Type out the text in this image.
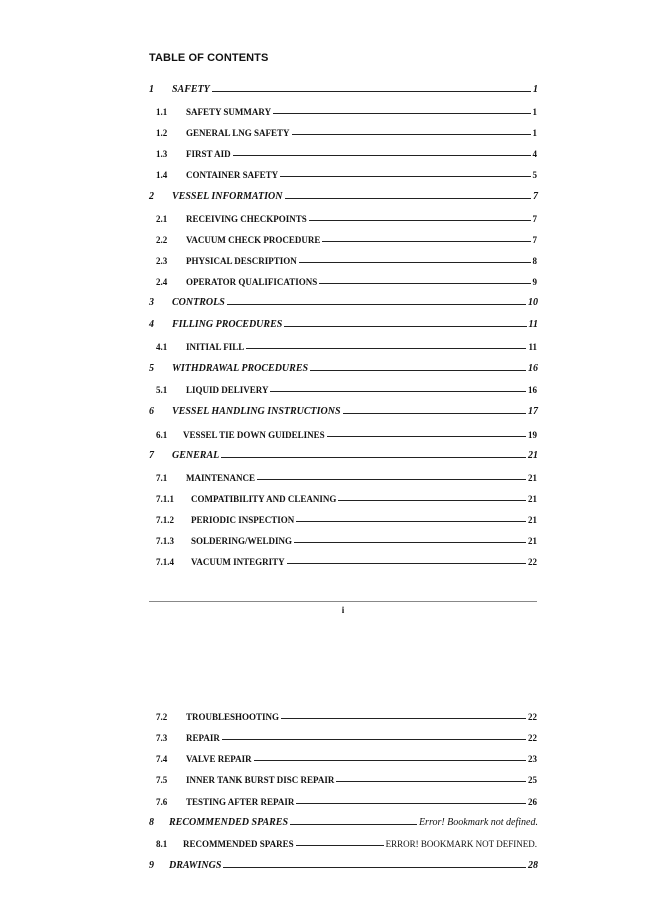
TABLE OF CONTENTS
1	SAFETY	1
1.1	SAFETY SUMMARY	1
1.2	GENERAL LNG SAFETY	1
1.3	FIRST AID	4
1.4	CONTAINER SAFETY	5
2	VESSEL INFORMATION	7
2.1	RECEIVING CHECKPOINTS	7
2.2	VACUUM CHECK PROCEDURE	7
2.3	PHYSICAL DESCRIPTION	8
2.4	OPERATOR QUALIFICATIONS	9
3	CONTROLS	10
4	FILLING PROCEDURES	11
4.1	INITIAL FILL	11
5	WITHDRAWAL PROCEDURES	16
5.1	LIQUID DELIVERY	16
6	VESSEL HANDLING INSTRUCTIONS	17
6.1	VESSEL TIE DOWN GUIDELINES	19
7	GENERAL	21
7.1	MAINTENANCE	21
7.1.1	COMPATIBILITY AND CLEANING	21
7.1.2	PERIODIC INSPECTION	21
7.1.3	SOLDERING/WELDING	21
7.1.4	VACUUM INTEGRITY	22
i
7.2	TROUBLESHOOTING	22
7.3	REPAIR	22
7.4	VALVE REPAIR	23
7.5	INNER TANK BURST DISC REPAIR	25
7.6	TESTING AFTER REPAIR	26
8	RECOMMENDED SPARES	Error! Bookmark not defined.
8.1	RECOMMENDED SPARES	ERROR! BOOKMARK NOT DEFINED.
9	DRAWINGS	28
